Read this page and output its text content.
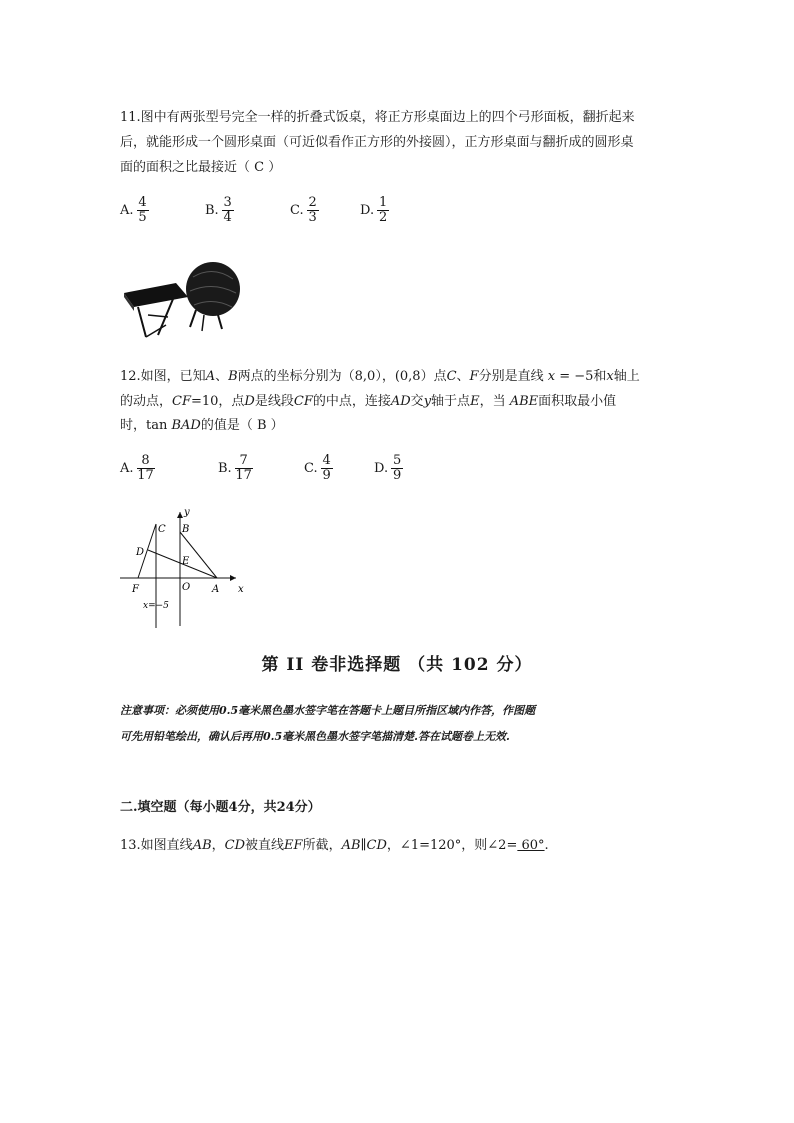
11.图中有两张型号完全一样的折叠式饭桌，将正方形桌面边上的四个弓形面板，翻折起来
后，就能形成一个圆形桌面（可近似看作正方形的外接圆），正方形桌面与翻折成的圆形桌
面的面积之比最接近（ C ）
A. $\frac{4}{5}$	B. $\frac{3}{4}$	C. $\frac{2}{3}$	D. $\frac{1}{2}$
12.如图，已知A、B两点的坐标分别为（8,0），(0,8）点C、F分别是直线 x = −5和x轴上
的动点，CF=10，点D是线段CF的中点，连接AD交y轴于点E，当 ABE面积取最小值
时，tan BAD的值是（ B ）
A. $\frac{8}{17}$	B. $\frac{7}{17}$	C. $\frac{4}{9}$	D. $\frac{5}{9}$
y
x
B
C
D
E
O A
F
x=−5
第 II 卷非选择题 （共 102 分）
注意事项：必须使用0.5毫米黑色墨水签字笔在答题卡上题目所指区域内作答，作图题
可先用铅笔绘出，确认后再用0.5毫米黑色墨水签字笔描清楚.答在试题卷上无效.
二.填空题（每小题4分，共24分）
13.如图直线AB，CD被直线EF所截，AB∥CD，∠1=120°，则∠2= 60°.
